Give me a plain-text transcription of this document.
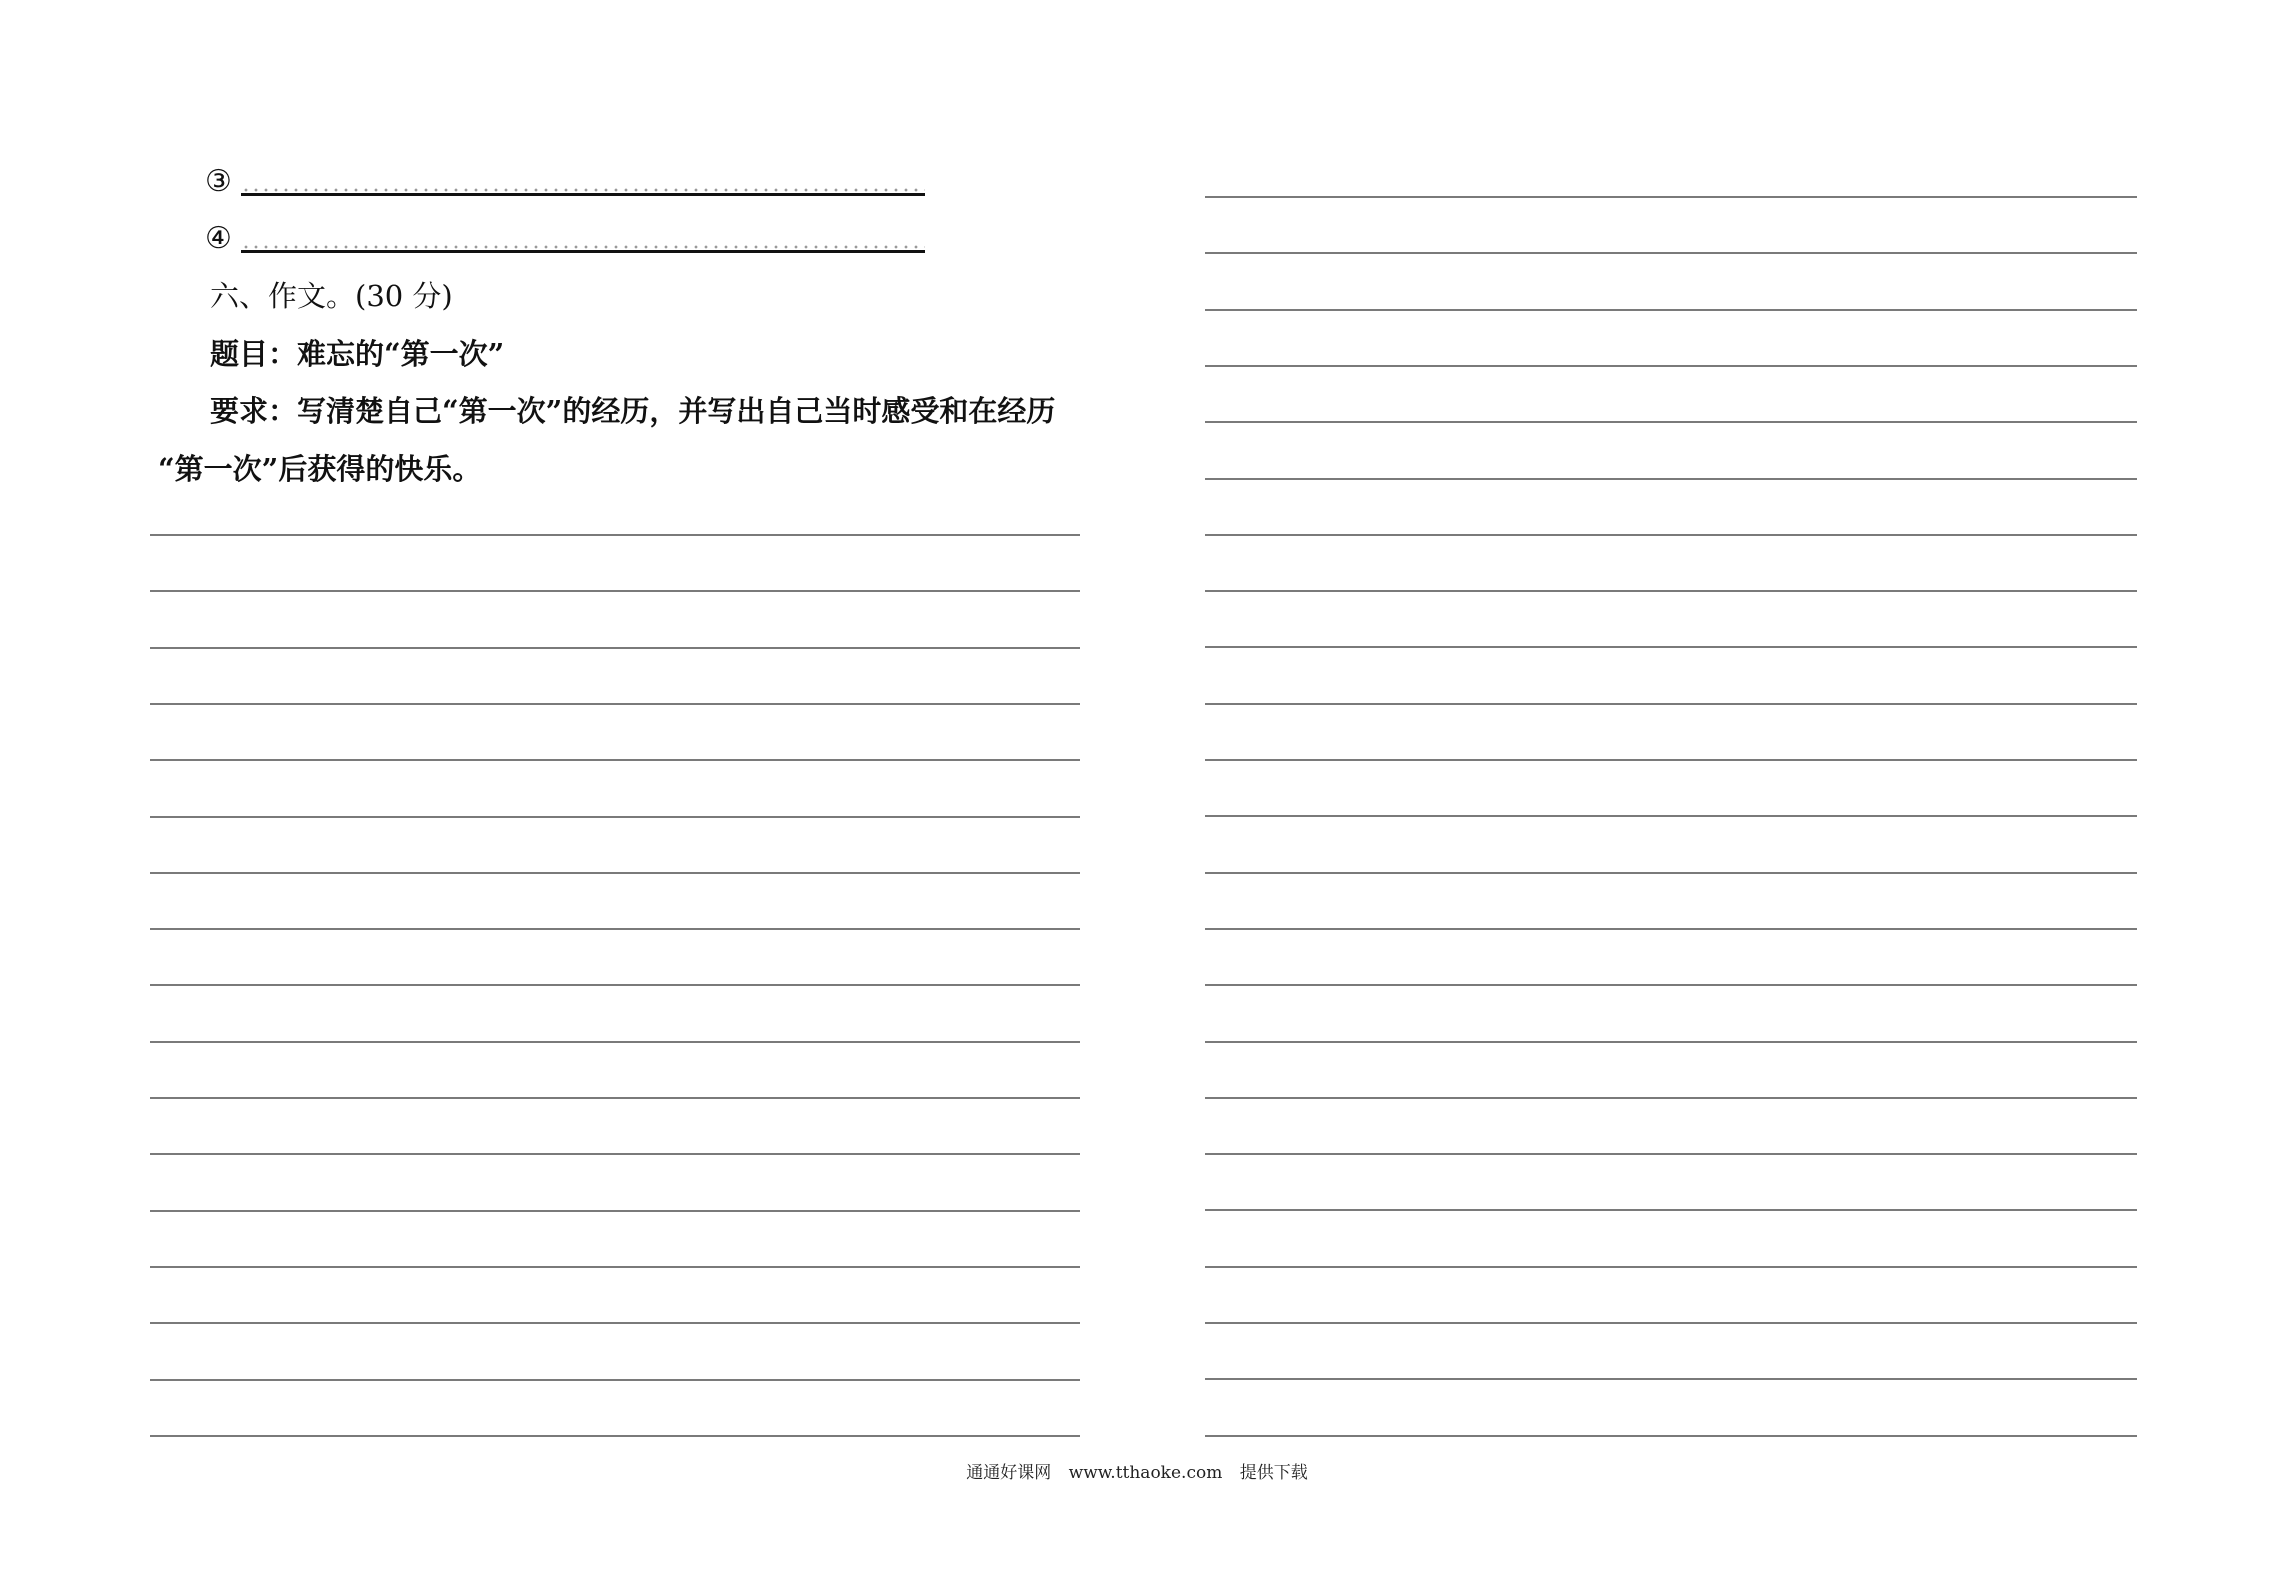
③
④
六、作文。(30 分)
题目：难忘的“第一次”
要求：写清楚自己“第一次”的经历，并写出自己当时感受和在经历
“第一次”后获得的快乐。
通通好课网 www.tthaoke.com 提供下载
